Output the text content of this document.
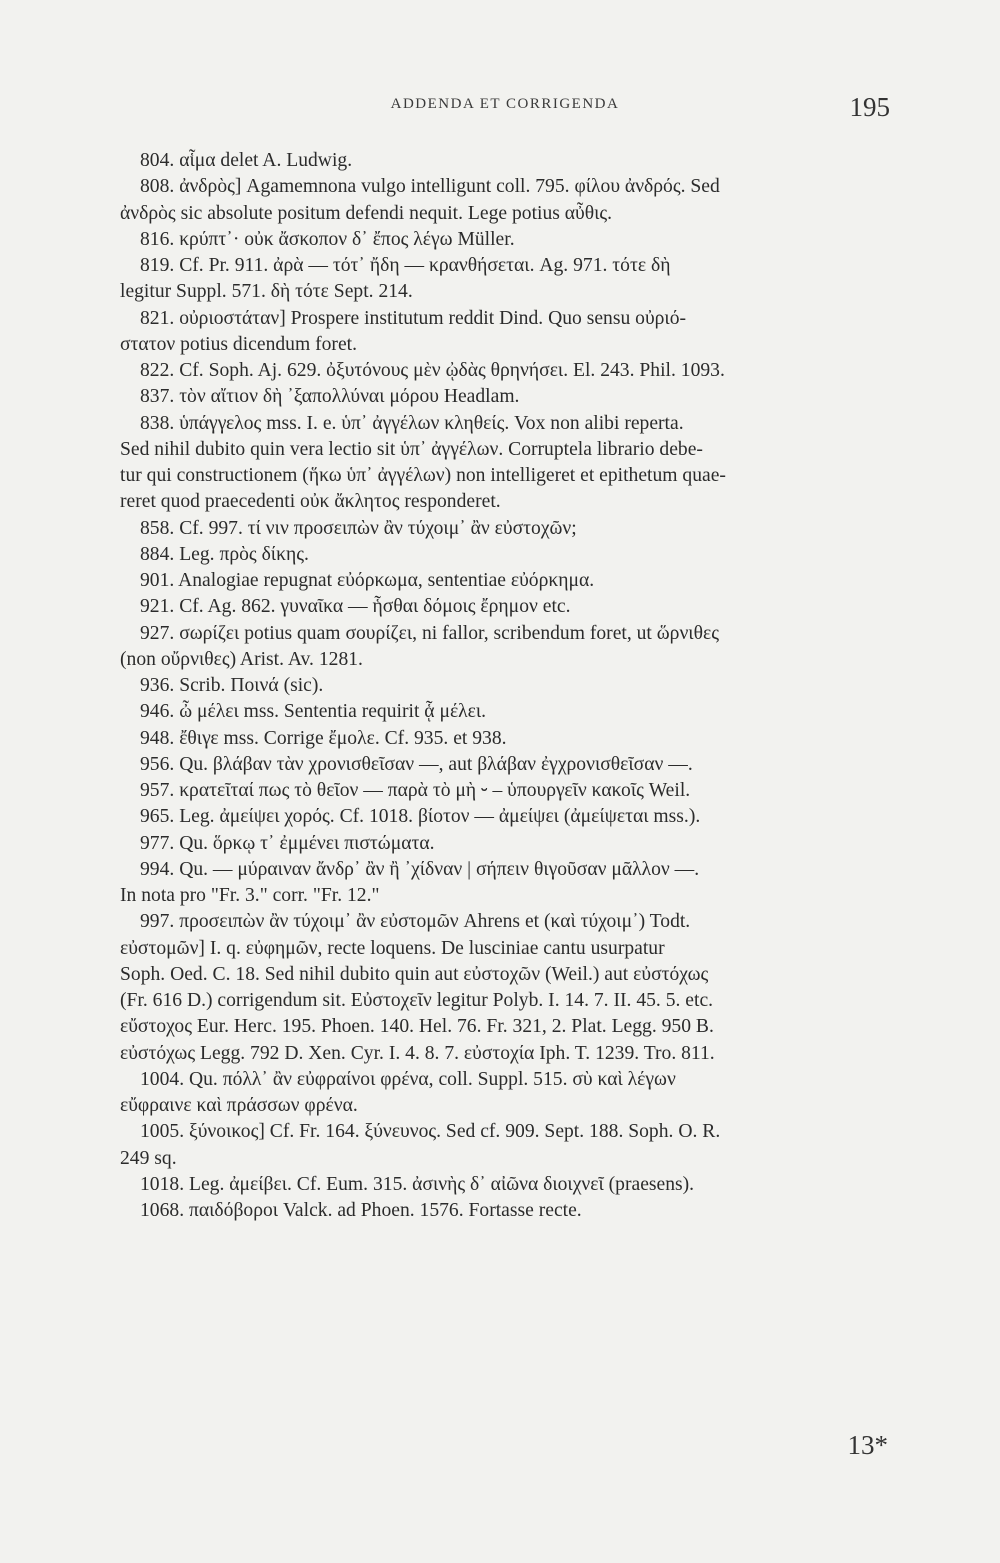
ADDENDA ET CORRIGENDA	195
804. αἷμα delet A. Ludwig.
808. ἀνδρὸς] Agamemnona vulgo intelligunt coll. 795. φίλου ἀνδρός. Sed
ἀνδρὸς sic absolute positum defendi nequit. Lege potius αὖθις.
816. κρύπτ᾽· οὐκ ἄσκοπον δ᾽ ἔπος λέγω Müller.
819. Cf. Pr. 911. ἀρὰ — τότ᾽ ἤδη — κρανθήσεται. Ag. 971. τότε δὴ
legitur Suppl. 571. δὴ τότε Sept. 214.
821. οὐριοστάταν] Prospere institutum reddit Dind. Quo sensu οὐριό-
στατον potius dicendum foret.
822. Cf. Soph. Aj. 629. ὀξυτόνους μὲν ᾠδὰς θρηνήσει. El. 243. Phil. 1093.
837. τὸν αἴτιον δὴ ᾽ξαπολλύναι μόρου Headlam.
838. ὑπάγγελος mss. I. e. ὑπ᾽ ἀγγέλων κληθείς. Vox non alibi reperta.
Sed nihil dubito quin vera lectio sit ὑπ᾽ ἀγγέλων. Corruptela librario debe-
tur qui constructionem (ἥκω ὑπ᾽ ἀγγέλων) non intelligeret et epithetum quae-
reret quod praecedenti οὐκ ἄκλητος responderet.
858. Cf. 997. τί νιν προσειπὼν ἂν τύχοιμ᾽ ἂν εὐστοχῶν;
884. Leg. πρὸς δίκης.
901. Analogiae repugnat εὐόρκωμα, sententiae εὐόρκημα.
921. Cf. Ag. 862. γυναῖκα — ἧσθαι δόμοις ἔρημον etc.
927. σωρίζει potius quam σουρίζει, ni fallor, scribendum foret, ut ὥρνιθες
(non οὔρνιθες) Arist. Av. 1281.
936. Scrib. Ποινά (sic).
946. ὦ μέλει mss. Sententia requirit ᾇ μέλει.
948. ἔθιγε mss. Corrige ἔμολε. Cf. 935. et 938.
956. Qu. βλάβαν τὰν χρονισθεῖσαν —, aut βλάβαν ἐγχρονισθεῖσαν —.
957. κρατεῖταί πως τὸ θεῖον — παρὰ τὸ μὴ ⏑ – ὑπουργεῖν κακοῖς Weil.
965. Leg. ἀμείψει χορός. Cf. 1018. βίοτον — ἀμείψει (ἀμείψεται mss.).
977. Qu. ὅρκῳ τ᾽ ἐμμένει πιστώματα.
994. Qu. — μύραιναν ἄνδρ᾽ ἂν ἢ ᾽χίδναν | σήπειν θιγοῦσαν μᾶλλον —.
In nota pro "Fr. 3." corr. "Fr. 12."
997. προσειπὼν ἂν τύχοιμ᾽ ἂν εὐστομῶν Ahrens et (καὶ τύχοιμ᾽) Todt.
εὐστομῶν] I. q. εὐφημῶν, recte loquens. De lusciniae cantu usurpatur
Soph. Oed. C. 18. Sed nihil dubito quin aut εὐστοχῶν (Weil.) aut εὐστόχως
(Fr. 616 D.) corrigendum sit. Εὐστοχεῖν legitur Polyb. I. 14. 7. II. 45. 5. etc.
εὔστοχος Eur. Herc. 195. Phoen. 140. Hel. 76. Fr. 321, 2. Plat. Legg. 950 B.
εὐστόχως Legg. 792 D. Xen. Cyr. I. 4. 8. 7. εὐστοχία Iph. T. 1239. Tro. 811.
1004. Qu. πόλλ᾽ ἂν εὐφραίνοι φρένα, coll. Suppl. 515. σὺ καὶ λέγων
εὔφραινε καὶ πράσσων φρένα.
1005. ξύνοικος] Cf. Fr. 164. ξύνευνος. Sed cf. 909. Sept. 188. Soph. O. R.
249 sq.
1018. Leg. ἀμείβει. Cf. Eum. 315. ἀσινὴς δ᾽ αἰῶνα διοιχνεῖ (praesens).
1068. παιδόβοροι Valck. ad Phoen. 1576. Fortasse recte.
13*
